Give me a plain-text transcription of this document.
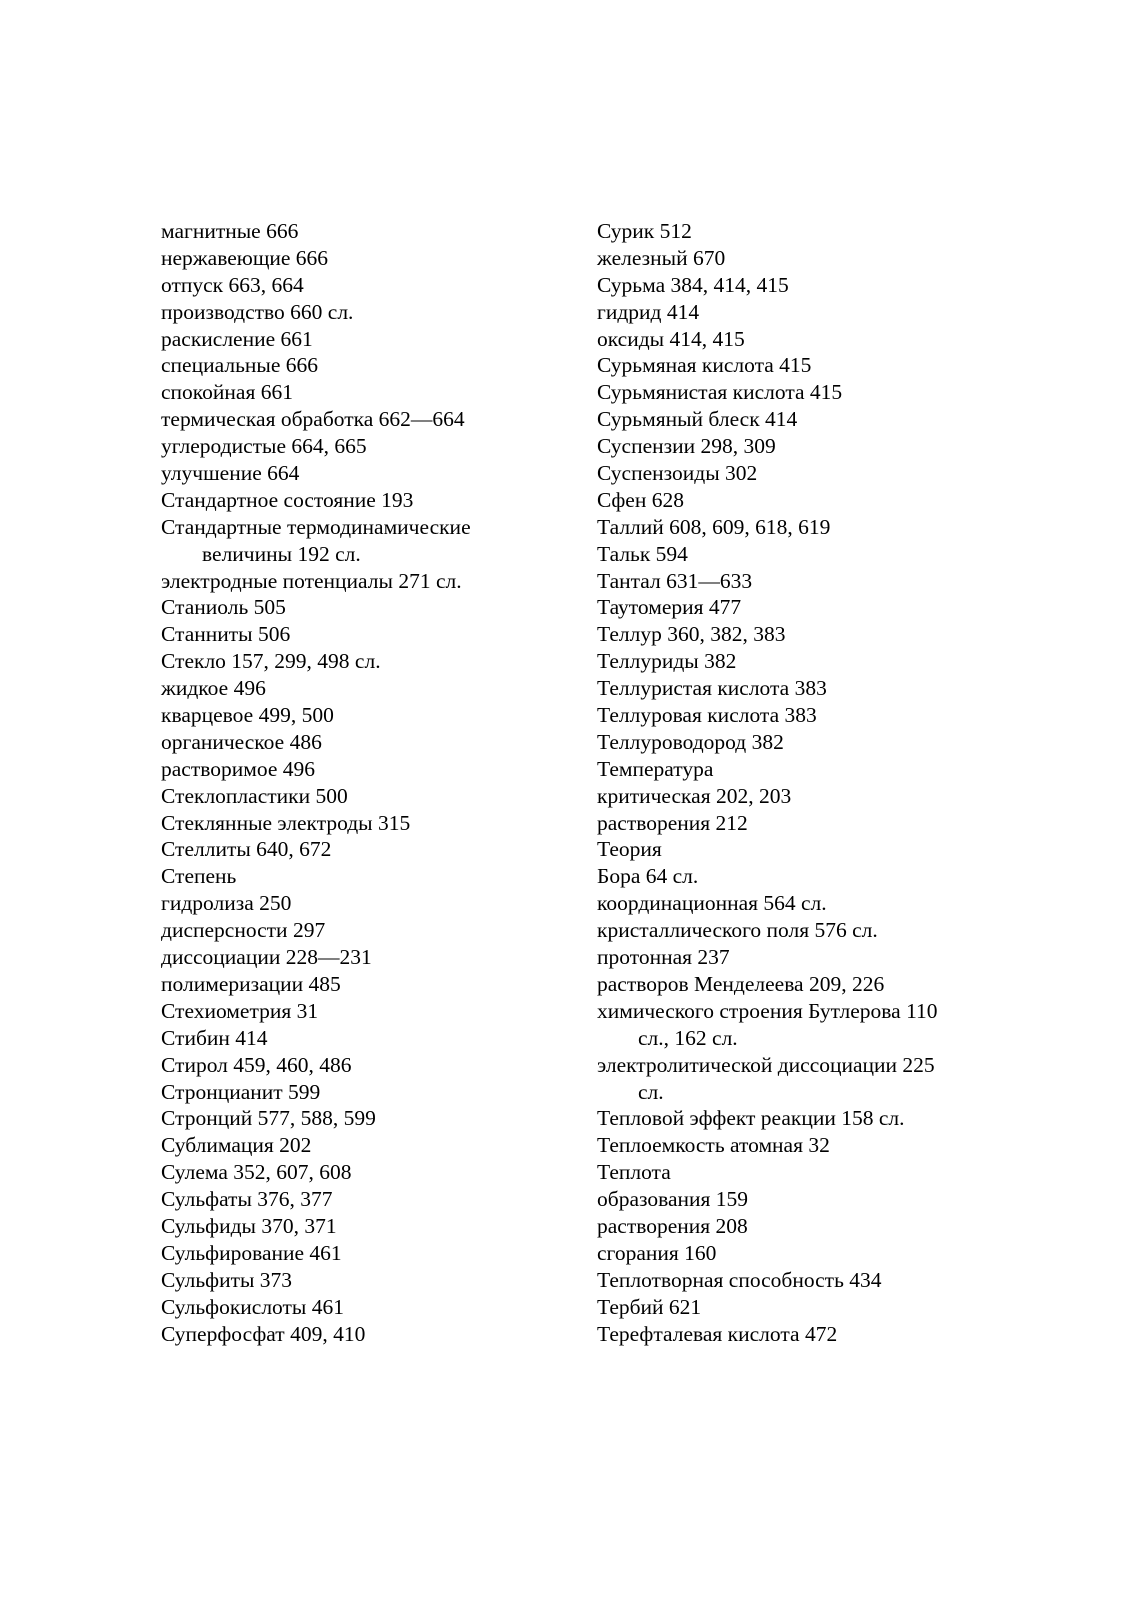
магнитные 666
нержавеющие 666
отпуск 663, 664
производство 660 сл.
раскисление 661
специальные 666
спокойная 661
термическая обработка 662—664
углеродистые 664, 665
улучшение 664
Стандартное состояние 193
Стандартные термодинамические
величины 192 сл.
электродные потенциалы 271 сл.
Станиоль 505
Станниты 506
Стекло 157, 299, 498 сл.
жидкое 496
кварцевое 499, 500
органическое 486
растворимое 496
Стеклопластики 500
Стеклянные электроды 315
Стеллиты 640, 672
Степень
гидролиза 250
дисперсности 297
диссоциации 228—231
полимеризации 485
Стехиометрия 31
Стибин 414
Стирол 459, 460, 486
Стронцианит 599
Стронций 577, 588, 599
Сублимация 202
Сулема 352, 607, 608
Сульфаты 376, 377
Сульфиды 370, 371
Сульфирование 461
Сульфиты 373
Сульфокислоты 461
Суперфосфат 409, 410
Сурик 512
железный 670
Сурьма 384, 414, 415
гидрид 414
оксиды 414, 415
Сурьмяная кислота 415
Сурьмянистая кислота 415
Сурьмяный блеск 414
Суспензии 298, 309
Суспензоиды 302
Сфен 628
Таллий 608, 609, 618, 619
Тальк 594
Тантал 631—633
Таутомерия 477
Теллур 360, 382, 383
Теллуриды 382
Теллуристая кислота 383
Теллуровая кислота 383
Теллуроводород 382
Температура
критическая 202, 203
растворения 212
Теория
Бора 64 сл.
координационная 564 сл.
кристаллического поля 576 сл.
протонная 237
растворов Менделеева 209, 226
химического строения Бутлерова 110
сл., 162 сл.
электролитической диссоциации 225
сл.
Тепловой эффект реакции 158 сл.
Теплоемкость атомная 32
Теплота
образования 159
растворения 208
сгорания 160
Теплотворная способность 434
Тербий 621
Терефталевая кислота 472
